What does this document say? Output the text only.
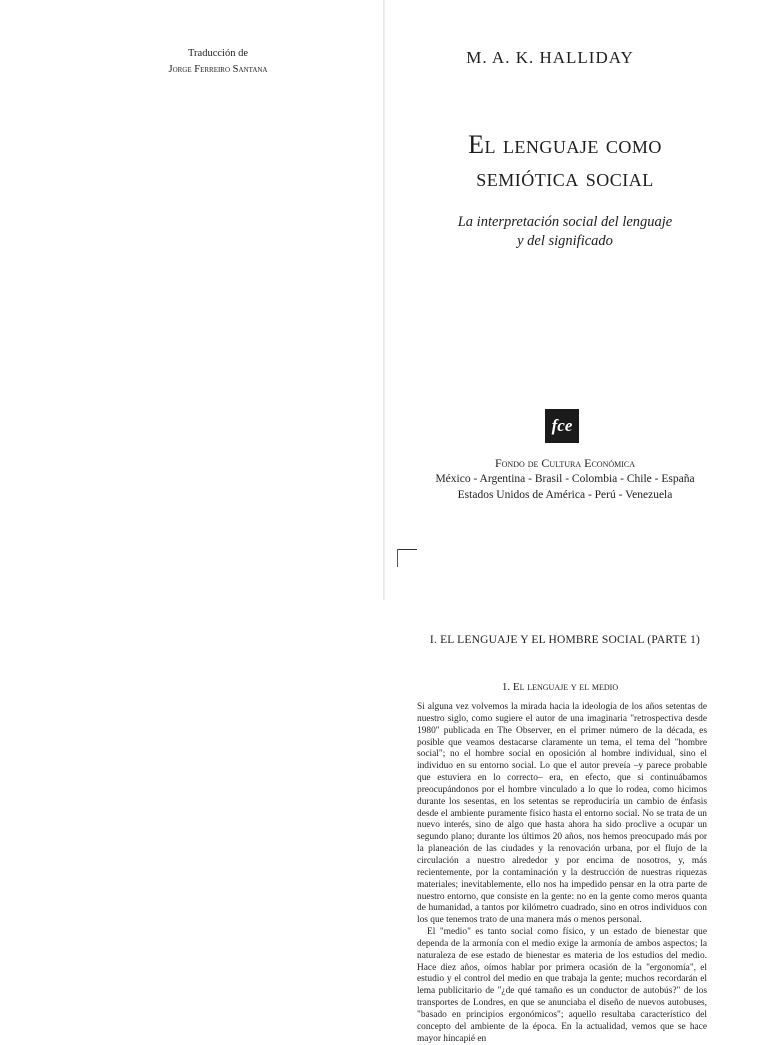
Traducción de
Jorge Ferreiro Santana
M. A. K. HALLIDAY
El lenguaje como
semiótica social
La interpretación social del lenguaje
y del significado
fce
Fondo de Cultura Económica
México - Argentina - Brasil - Colombia - Chile - España
Estados Unidos de América - Perú - Venezuela
I. EL LENGUAJE Y EL HOMBRE SOCIAL (PARTE 1)
1. El lenguaje y el medio

Si alguna vez volvemos la mirada hacia la ideología de los años setentas de nuestro siglo, como sugiere el autor de una imaginaria "retrospectiva desde 1980" publicada en The Observer, en el primer número de la década, es posible que veamos destacarse claramente un tema, el tema del "hombre social"; no el hombre social en oposición al hombre individual, sino el individuo en su entorno social. Lo que el autor preveía –y parece probable que estuviera en lo correcto– era, en efecto, que si continuábamos preocupándonos por el hombre vinculado a lo que lo rodea, como hicimos durante los sesentas, en los setentas se reproduciría un cambio de énfasis desde el ambiente puramente físico hasta el entorno social. No se trata de un nuevo interés, sino de algo que hasta ahora ha sido proclive a ocupar un segundo plano; durante los últimos 20 años, nos hemos preocupado más por la planeación de las ciudades y la renovación urbana, por el flujo de la circulación a nuestro alrededor y por encima de nosotros, y, más recientemente, por la contaminación y la destrucción de nuestras riquezas materiales; inevitablemente, ello nos ha impedido pensar en la otra parte de nuestro entorno, que consiste en la gente: no en la gente como meros quanta de humanidad, a tantos por kilómetro cuadrado, sino en otros individuos con los que tenemos trato de una manera más o menos personal.

El "medio" es tanto social como físico, y un estado de bienestar que dependa de la armonía con el medio exige la armonía de ambos aspectos; la naturaleza de ese estado de bienestar es materia de los estudios del medio. Hace diez años, oímos hablar por primera ocasión de la "ergonomía", el estudio y el control del medio en que trabaja la gente; muchos recordarán el lema publicitario de "¿de qué tamaño es un conductor de autobús?" de los transportes de Londres, en que se anunciaba el diseño de nuevos autobuses, "basado en principios ergonómicos"; aquello resultaba característico del concepto del ambiente de la época. En la actualidad, vemos que se hace mayor hincapié en
